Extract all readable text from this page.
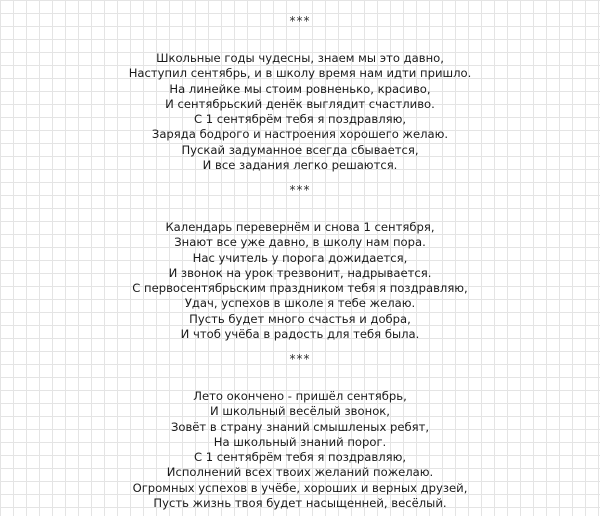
***
Школьные годы чудесны, знаем мы это давно,
Наступил сентябрь, и в школу время нам идти пришло.
На линейке мы стоим ровненько, красиво,
И сентябрьский денёк выглядит счастливо.
С 1 сентябрём тебя я поздравляю,
Заряда бодрого и настроения хорошего желаю.
Пускай задуманное всегда сбывается,
И все задания легко решаются.
***
Календарь перевернём и снова 1 сентября,
Знают все уже давно, в школу нам пора.
Нас учитель у порога дожидается,
И звонок на урок трезвонит, надрывается.
С первосентябрьским праздником тебя я поздравляю,
Удач, успехов в школе я тебе желаю.
Пусть будет много счастья и добра,
И чтоб учёба в радость для тебя была.
***
Лето окончено - пришёл сентябрь,
И школьный весёлый звонок,
Зовёт в страну знаний смышленых ребят,
На школьный знаний порог.
С 1 сентябрём тебя я поздравляю,
Исполнений всех твоих желаний пожелаю.
Огромных успехов в учёбе, хороших и верных друзей,
Пусть жизнь твоя будет насыщенней, весёлый.
